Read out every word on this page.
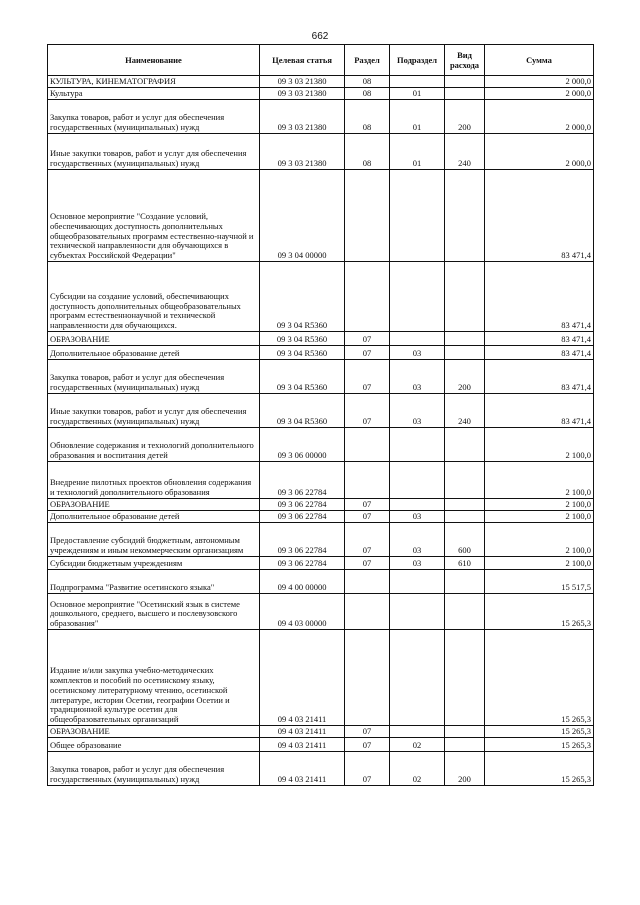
662
Наименование	Целевая статья	Раздел	Подраздел	Вид расхода	Сумма
КУЛЬТУРА, КИНЕМАТОГРАФИЯ	09 3 03 21380	08			2 000,0
Культура	09 3 03 21380	08	01		2 000,0
Закупка товаров, работ и услуг для обеспечения государственных (муниципальных) нужд	09 3 03 21380	08	01	200	2 000,0
Иные закупки товаров, работ и услуг для обеспечения государственных (муниципальных) нужд	09 3 03 21380	08	01	240	2 000,0
Основное мероприятие "Создание условий, обеспечивающих доступность дополнительных общеобразовательных программ естественно-научной и технической направленности для обучающихся в субъектах Российской Федерации"	09 3 04 00000				83 471,4
Субсидии на создание условий, обеспечивающих доступность дополнительных общеобразовательных программ естественнонаучной и технической направленности для обучающихся.	09 3 04 R5360				83 471,4
ОБРАЗОВАНИЕ	09 3 04 R5360	07			83 471,4
Дополнительное образование детей	09 3 04 R5360	07	03		83 471,4
Закупка товаров, работ и услуг для обеспечения государственных (муниципальных) нужд	09 3 04 R5360	07	03	200	83 471,4
Иные закупки товаров, работ и услуг для обеспечения государственных (муниципальных) нужд	09 3 04 R5360	07	03	240	83 471,4
Обновление содержания и технологий дополнительного образования и воспитания детей	09 3 06 00000				2 100,0
Внедрение пилотных проектов обновления содержания и технологий дополнительного образования	09 3 06 22784				2 100,0
ОБРАЗОВАНИЕ	09 3 06 22784	07			2 100,0
Дополнительное образование детей	09 3 06 22784	07	03		2 100,0
Предоставление субсидий бюджетным, автономным учреждениям и иным некоммерческим организациям	09 3 06 22784	07	03	600	2 100,0
Субсидии бюджетным учреждениям	09 3 06 22784	07	03	610	2 100,0
Подпрограмма "Развитие осетинского языка"	09 4 00 00000				15 517,5
Основное мероприятие "Осетинский язык в системе дошкольного, среднего, высшего и послевузовского образования"	09 4 03 00000				15 265,3
Издание и/или закупка учебно-методических комплектов и пособий по осетинскому языку, осетинскому литературному чтению, осетинской литературе, истории Осетии, географии Осетии и традиционной культуре осетин для общеобразовательных организаций	09 4 03 21411				15 265,3
ОБРАЗОВАНИЕ	09 4 03 21411	07			15 265,3
Общее образование	09 4 03 21411	07	02		15 265,3
Закупка товаров, работ и услуг для обеспечения государственных (муниципальных) нужд	09 4 03 21411	07	02	200	15 265,3
